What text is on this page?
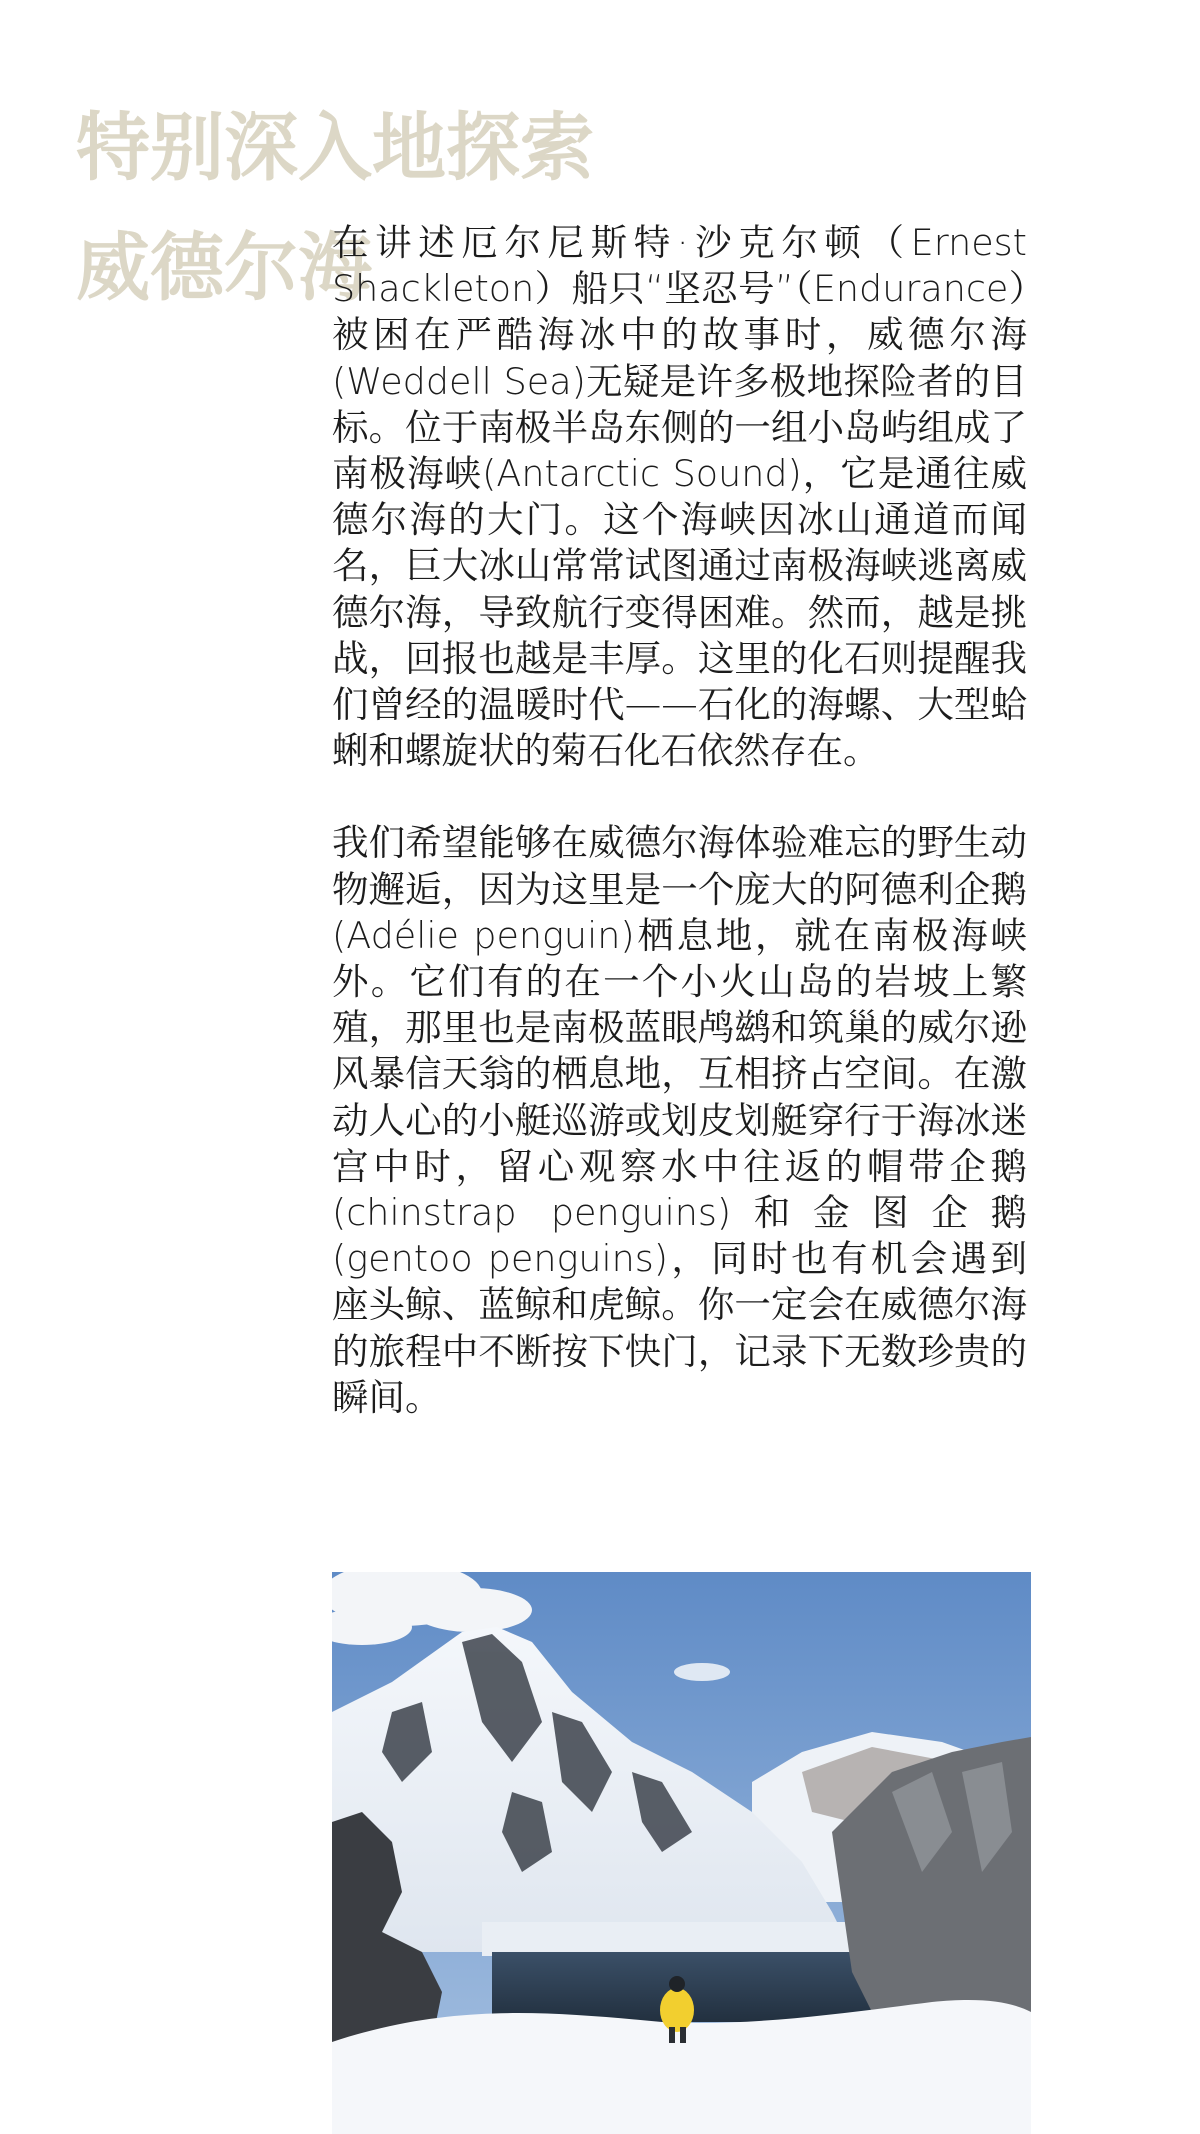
特别深入地探索
威德尔海

在讲述厄尔尼斯特·沙克尔顿（Ernest Shackleton）船只“坚忍号”（Endurance）被困在严酷海冰中的故事时，威德尔海(Weddell Sea)无疑是许多极地探险者的目标。位于南极半岛东侧的一组小岛屿组成了南极海峡(Antarctic Sound)，它是通往威德尔海的大门。这个海峡因冰山通道而闻名，巨大冰山常常试图通过南极海峡逃离威德尔海，导致航行变得困难。然而，越是挑战，回报也越是丰厚。这里的化石则提醒我们曾经的温暖时代——石化的海螺、大型蛤蜊和螺旋状的菊石化石依然存在。

我们希望能够在威德尔海体验难忘的野生动物邂逅，因为这里是一个庞大的阿德利企鹅(Adélie penguin)栖息地，就在南极海峡外。它们有的在一个小火山岛的岩坡上繁殖，那里也是南极蓝眼鸬鹚和筑巢的威尔逊风暴信天翁的栖息地，互相挤占空间。在激动人心的小艇巡游或划皮划艇穿行于海冰迷宫中时，留心观察水中往返的帽带企鹅(chinstrap penguins)和金图企鹅(gentoo penguins)，同时也有机会遇到座头鲸、蓝鲸和虎鲸。你一定会在威德尔海的旅程中不断按下快门，记录下无数珍贵的瞬间。
